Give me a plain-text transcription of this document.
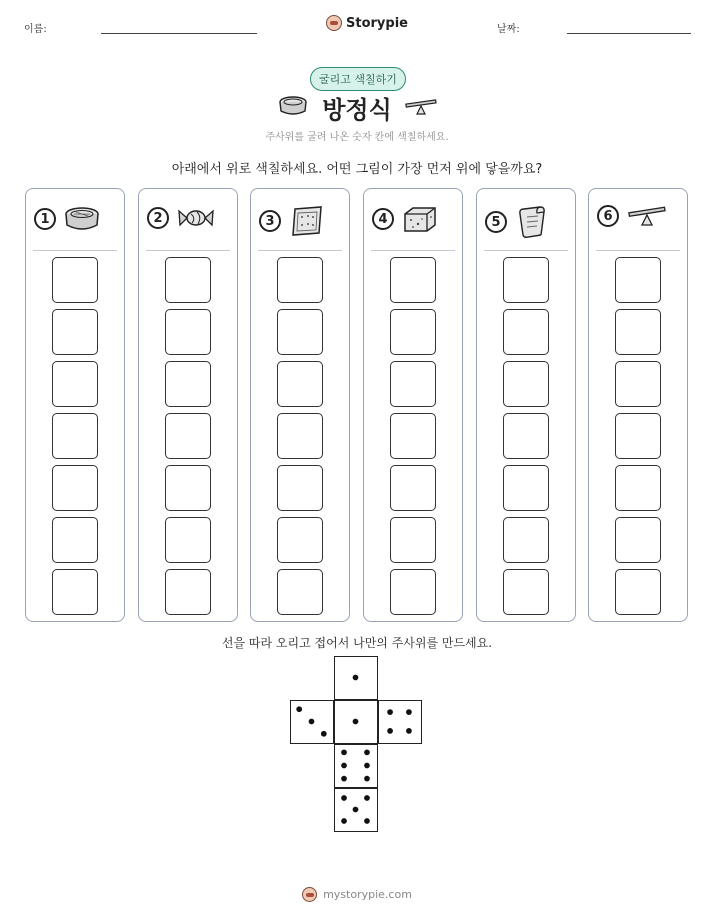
이름:	Storypie	날짜:
굴리고 색칠하기
방정식
주사위를 굴려 나온 숫자 칸에 색칠하세요.
아래에서 위로 색칠하세요. 어떤 그림이 가장 먼저 위에 닿을까요?
1	2	3	4	5	6
선을 따라 오리고 접어서 나만의 주사위를 만드세요.
mystorypie.com
